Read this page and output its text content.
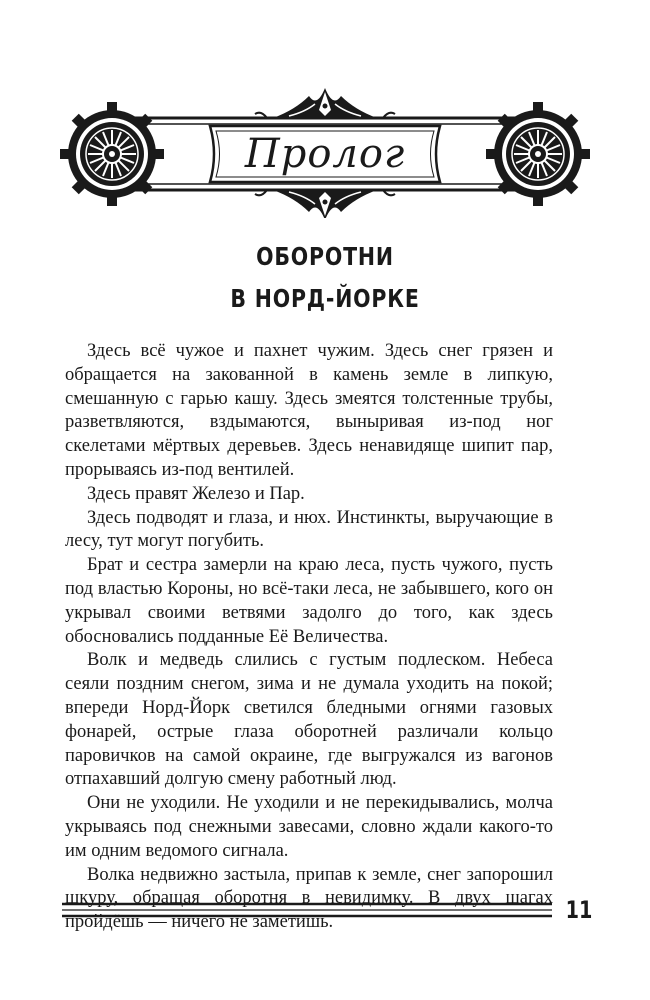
Пролог
ОБОРОТНИ
В НОРД-ЙОРКЕ

Здесь всё чужое и пахнет чужим. Здесь снег грязен и обращается на закованной в камень земле в липкую, смешанную с гарью кашу. Здесь змеятся толстенные трубы, разветвляются, вздымаются, выныривая из-под ног скелетами мёртвых деревьев. Здесь ненавидяще шипит пар, прорываясь из-под вентилей.

Здесь правят Железо и Пар.

Здесь подводят и глаза, и нюх. Инстинкты, выручающие в лесу, тут могут погубить.

Брат и сестра замерли на краю леса, пусть чужого, пусть под властью Короны, но всё-таки леса, не забывшего, кого он укрывал своими ветвями задолго до того, как здесь обосновались подданные Её Величества.

Волк и медведь слились с густым подлеском. Небеса сеяли поздним снегом, зима и не думала уходить на покой; впереди Норд-Йорк светился бледными огнями газовых фонарей, острые глаза оборотней различали кольцо паровичков на самой окраине, где выгружался из вагонов отпахавший долгую смену работный люд.

Они не уходили. Не уходили и не перекидывались, молча укрываясь под снежными завесами, словно ждали какого-то им одним ведомого сигнала.

Волка недвижно застыла, припав к земле, снег запорошил шкуру, обращая оборотня в невидимку. В двух шагах пройдёшь — ничего не заметишь.	11
